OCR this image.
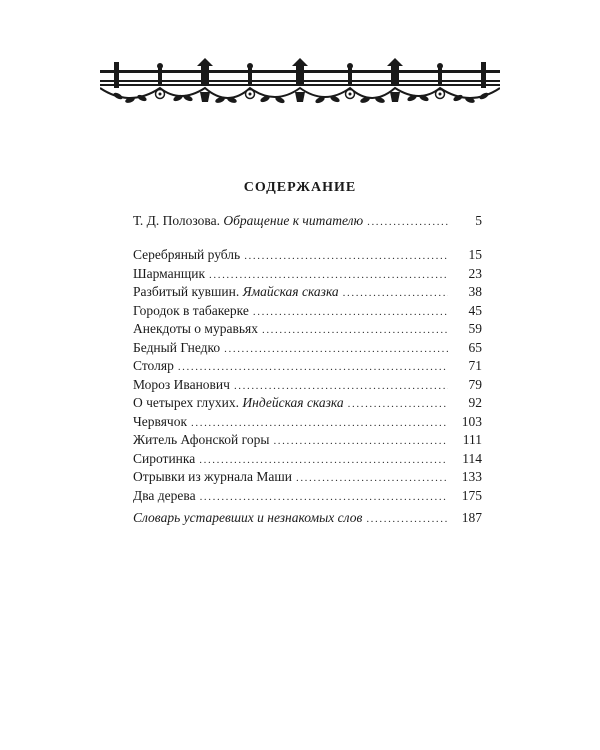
СОДЕРЖАНИЕ
Т. Д. Полозова. Обращение к читателю .....	5
Серебряный рубль .....	15
Шарманщик .....	23
Разбитый кувшин. Ямайская сказка .....	38
Городок в табакерке .....	45
Анекдоты о муравьях .....	59
Бедный Гнедко .....	65
Столяр .....	71
Мороз Иванович .....	79
О четырех глухих. Индейская сказка .....	92
Червячок .....	103
Житель Афонской горы .....	111
Сиротинка .....	114
Отрывки из журнала Маши .....	133
Два дерева .....	175
Словарь устаревших и незнакомых слов .....	187
